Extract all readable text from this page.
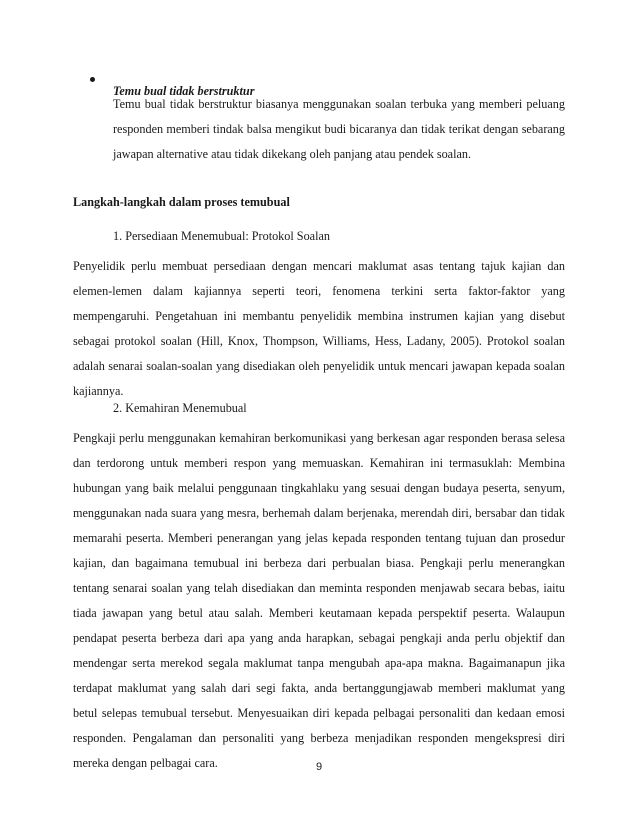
Temu bual tidak berstruktur

Temu bual tidak berstruktur biasanya menggunakan soalan terbuka yang memberi peluang responden memberi tindak balsa mengikut budi bicaranya dan tidak terikat dengan sebarang jawapan alternative atau tidak dikekang oleh panjang atau pendek soalan.

Langkah-langkah dalam proses temubual

1. Persediaan Menemubual: Protokol Soalan

Penyelidik perlu membuat persediaan dengan mencari maklumat asas tentang tajuk kajian dan elemen-lemen dalam kajiannya seperti teori, fenomena terkini serta faktor-faktor yang mempengaruhi. Pengetahuan ini membantu penyelidik membina instrumen kajian yang disebut sebagai protokol soalan (Hill, Knox, Thompson, Williams, Hess, Ladany, 2005). Protokol soalan adalah senarai soalan-soalan yang disediakan oleh penyelidik untuk mencari jawapan kepada soalan kajiannya.

2. Kemahiran Menemubual

Pengkaji perlu menggunakan kemahiran berkomunikasi yang berkesan agar responden berasa selesa dan terdorong untuk memberi respon yang memuaskan. Kemahiran ini termasuklah: Membina hubungan yang baik melalui penggunaan tingkahlaku yang sesuai dengan budaya peserta, senyum, menggunakan nada suara yang mesra, berhemah dalam berjenaka, merendah diri, bersabar dan tidak memarahi peserta. Memberi penerangan yang jelas kepada responden tentang tujuan dan prosedur kajian, dan bagaimana temubual ini berbeza dari perbualan biasa. Pengkaji perlu menerangkan tentang senarai soalan yang telah disediakan dan meminta responden menjawab secara bebas, iaitu tiada jawapan yang betul atau salah. Memberi keutamaan kepada perspektif peserta. Walaupun pendapat peserta berbeza dari apa yang anda harapkan, sebagai pengkaji anda perlu objektif dan mendengar serta merekod segala maklumat tanpa mengubah apa-apa makna. Bagaimanapun jika terdapat maklumat yang salah dari segi fakta, anda bertanggungjawab memberi maklumat yang betul selepas temubual tersebut. Menyesuaikan diri kepada pelbagai personaliti dan kedaan emosi responden. Pengalaman dan personaliti yang berbeza menjadikan responden mengekspresi diri mereka dengan pelbagai cara.	9
